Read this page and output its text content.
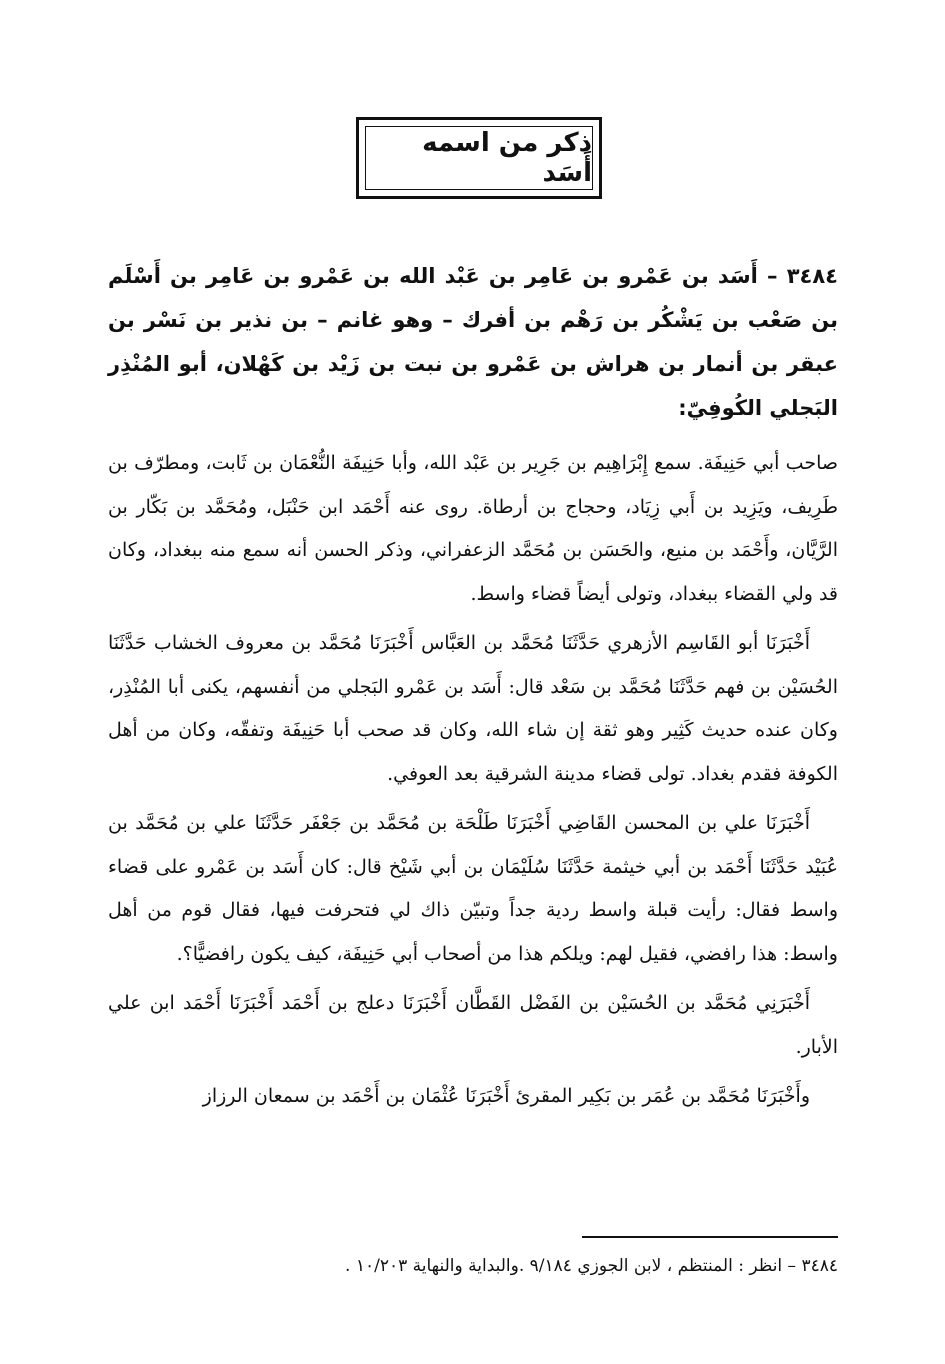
ذكر من اسمه أَسَد

٣٤٨٤ – أَسَد بن عَمْرو بن عَامِر بن عَبْد الله بن عَمْرو بن عَامِر بن أَسْلَم بن صَعْب بن يَشْكُر بن رَهْم بن أفرك – وهو غانم – بن نذير بن نَسْر بن عبقر بن أنمار بن هراش بن عَمْرو بن نبت بن زَيْد بن كَهْلان، أبو المُنْذِر البَجلي الكُوفِيّ:

صاحب أبي حَنِيفَة. سمع إِبْرَاهِيم بن جَرِير بن عَبْد الله، وأبا حَنِيفَة النُّعْمَان بن ثَابت، ومطرّف بن طَرِيف، ويَزِيد بن أَبي زِيَاد، وحجاج بن أرطاة. روى عنه أَحْمَد ابن حَنْبَل، ومُحَمَّد بن بَكّار بن الرَّيَّان، وأَحْمَد بن منيع، والحَسَن بن مُحَمَّد الزعفراني، وذكر الحسن أنه سمع منه ببغداد، وكان قد ولي القضاء ببغداد، وتولى أيضاً قضاء واسط.

أَخْبَرَنَا أبو القَاسِم الأزهري حَدَّثَنَا مُحَمَّد بن العَبَّاس أَخْبَرَنَا مُحَمَّد بن معروف الخشاب حَدَّثَنَا الحُسَيْن بن فهم حَدَّثَنَا مُحَمَّد بن سَعْد قال: أَسَد بن عَمْرو البَجلي من أنفسهم، يكنى أبا المُنْذِر، وكان عنده حديث كَثِير وهو ثقة إن شاء الله، وكان قد صحب أبا حَنِيفَة وتفقّه، وكان من أهل الكوفة فقدم بغداد. تولى قضاء مدينة الشرقية بعد العوفي.

أَخْبَرَنَا علي بن المحسن القَاضِي أَخْبَرَنَا طَلْحَة بن مُحَمَّد بن جَعْفَر حَدَّثَنَا علي بن مُحَمَّد بن عُبَيْد حَدَّثَنَا أَحْمَد بن أبي خيثمة حَدَّثَنَا سُلَيْمَان بن أبي شَيْخ قال: كان أَسَد بن عَمْرو على قضاء واسط فقال: رأيت قبلة واسط ردية جداً وتبيّن ذاك لي فتحرفت فيها، فقال قوم من أهل واسط: هذا رافضي، فقيل لهم: ويلكم هذا من أصحاب أبي حَنِيفَة، كيف يكون رافضيًّا؟.

أَخْبَرَنِي مُحَمَّد بن الحُسَيْن بن الفَضْل القَطَّان أَخْبَرَنَا دعلج بن أَحْمَد أَخْبَرَنَا أَحْمَد ابن علي الأبار.

وأَخْبَرَنَا مُحَمَّد بن عُمَر بن بَكِير المقرئ أَخْبَرَنَا عُثْمَان بن أَحْمَد بن سمعان الرزاز

٣٤٨٤ – انظر : المنتظم ، لابن الجوزي ٩/١٨٤ .والبداية والنهاية ١٠/٢٠٣ .
